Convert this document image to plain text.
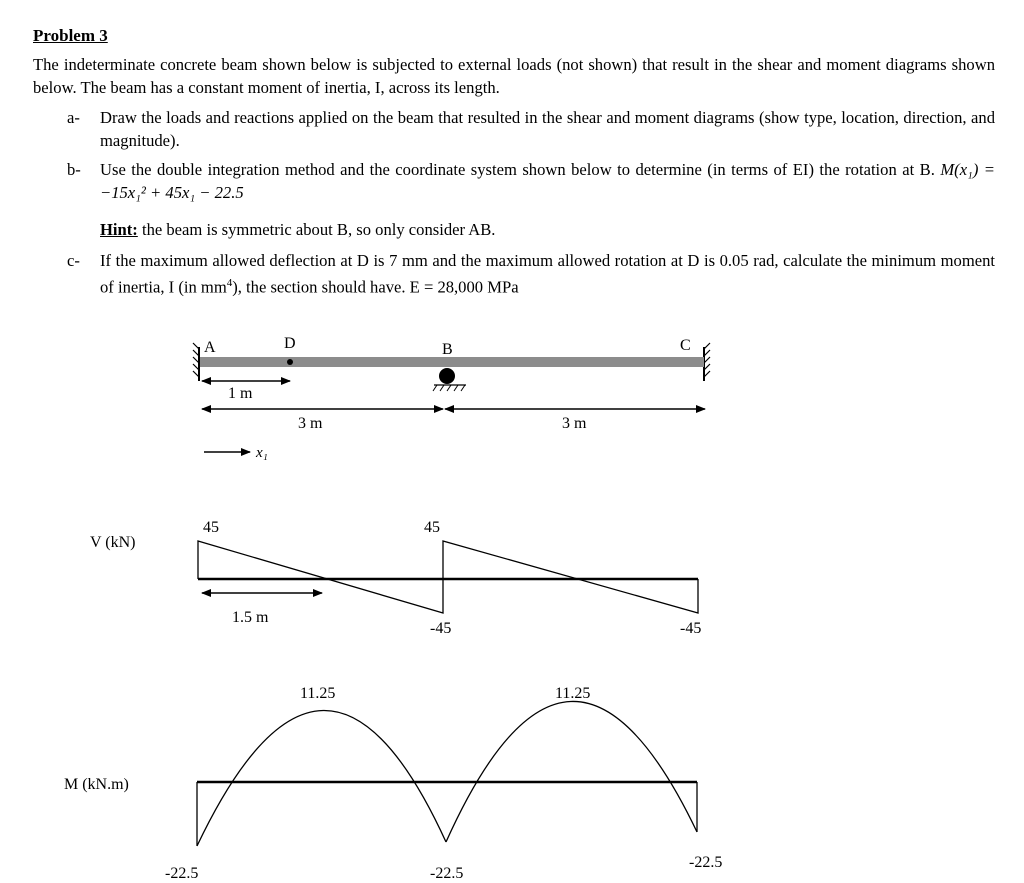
Problem 3
The indeterminate concrete beam shown below is subjected to external loads (not shown) that result in the shear and moment diagrams shown below. The beam has a constant moment of inertia, I, across its length.
a- Draw the loads and reactions applied on the beam that resulted in the shear and moment diagrams (show type, location, direction, and magnitude).
b- Use the double integration method and the coordinate system shown below to determine (in terms of EI) the rotation at B. M(x₁) = −15x₁² + 45x₁ − 22.5
Hint: the beam is symmetric about B, so only consider AB.
c- If the maximum allowed deflection at D is 7 mm and the maximum allowed rotation at D is 0.05 rad, calculate the minimum moment of inertia, I (in $mm^4$), the section should have. E = 28,000 MPa
A	D	B	C
1 m
3 m	3 m
x₁
V (kN)
45	45
-45	-45
1.5 m
M (kN.m)
11.25	11.25
-22.5	-22.5
-22.5
